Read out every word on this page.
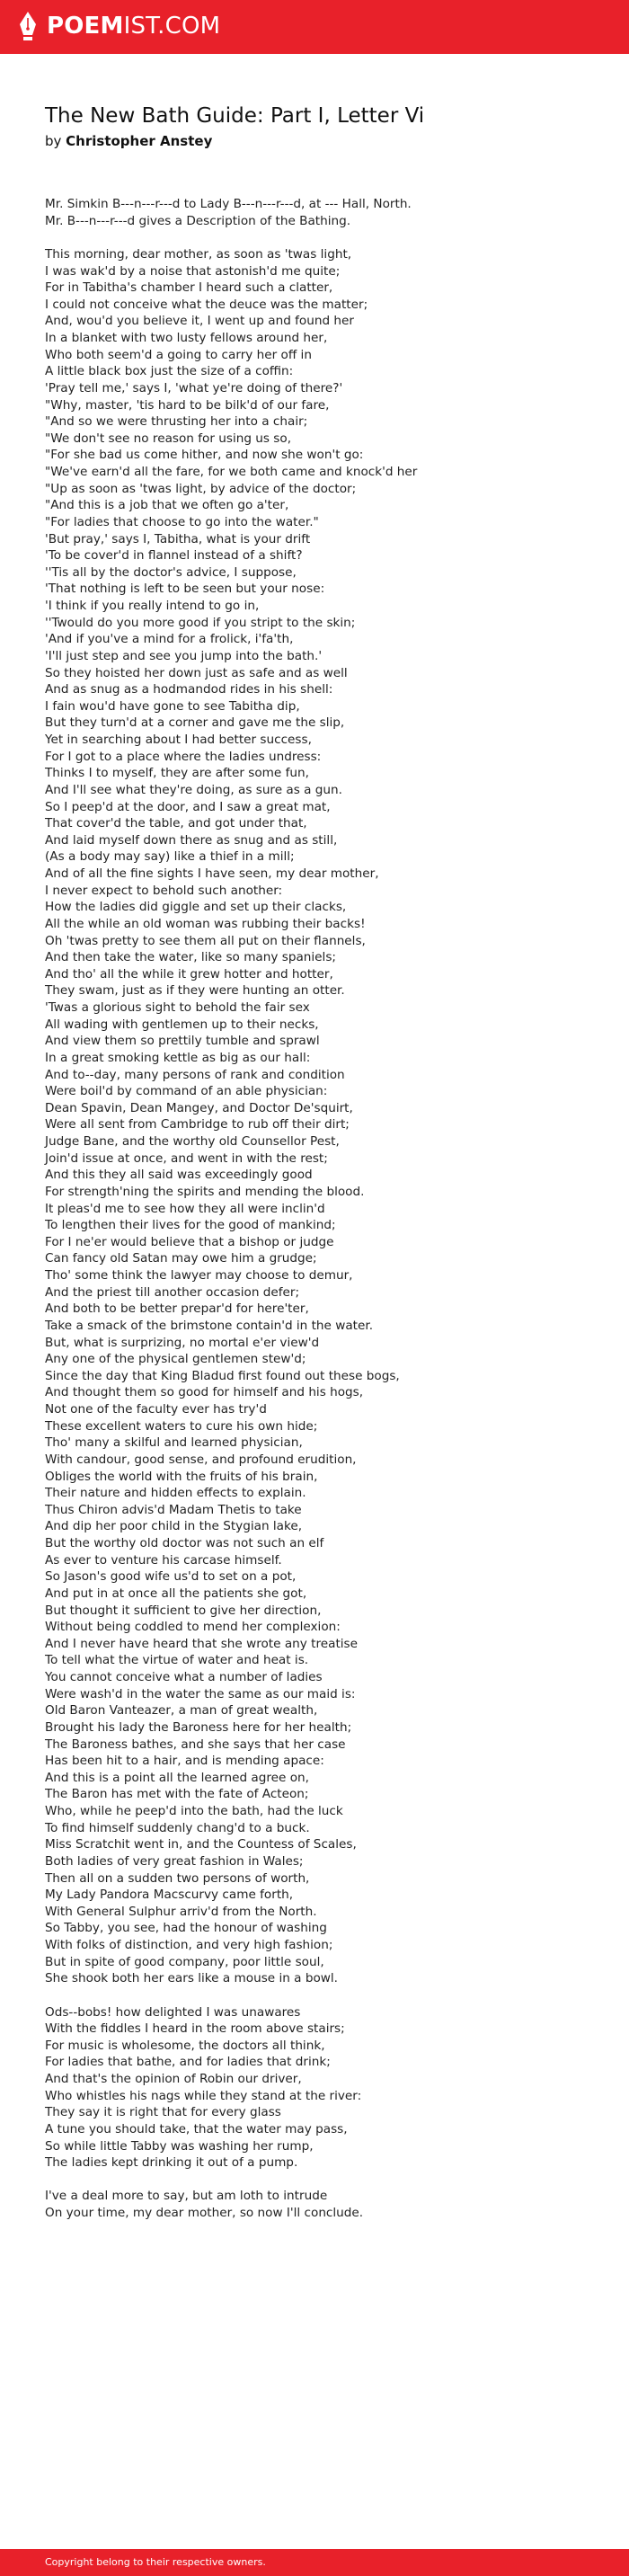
POEMIST.COM
The New Bath Guide: Part I, Letter Vi
by Christopher Anstey
Mr. Simkin B---n---r---d to Lady B---n---r---d, at --- Hall, North.
Mr. B---n---r---d gives a Description of the Bathing.
This morning, dear mother, as soon as 'twas light,
I was wak'd by a noise that astonish'd me quite;
For in Tabitha's chamber I heard such a clatter,
I could not conceive what the deuce was the matter;
And, wou'd you believe it, I went up and found her
In a blanket with two lusty fellows around her,
Who both seem'd a going to carry her off in
A little black box just the size of a coffin:
'Pray tell me,' says I, 'what ye're doing of there?'
"Why, master, 'tis hard to be bilk'd of our fare,
"And so we were thrusting her into a chair;
"We don't see no reason for using us so,
"For she bad us come hither, and now she won't go:
"We've earn'd all the fare, for we both came and knock'd her
"Up as soon as 'twas light, by advice of the doctor;
"And this is a job that we often go a'ter,
"For ladies that choose to go into the water."
'But pray,' says I, Tabitha, what is your drift
'To be cover'd in flannel instead of a shift?
''Tis all by the doctor's advice, I suppose,
'That nothing is left to be seen but your nose:
'I think if you really intend to go in,
''Twould do you more good if you stript to the skin;
'And if you've a mind for a frolick, i'fa'th,
'I'll just step and see you jump into the bath.'
So they hoisted her down just as safe and as well
And as snug as a hodmandod rides in his shell:
I fain wou'd have gone to see Tabitha dip,
But they turn'd at a corner and gave me the slip,
Yet in searching about I had better success,
For I got to a place where the ladies undress:
Thinks I to myself, they are after some fun,
And I'll see what they're doing, as sure as a gun.
So I peep'd at the door, and I saw a great mat,
That cover'd the table, and got under that,
And laid myself down there as snug and as still,
(As a body may say) like a thief in a mill;
And of all the fine sights I have seen, my dear mother,
I never expect to behold such another:
How the ladies did giggle and set up their clacks,
All the while an old woman was rubbing their backs!
Oh 'twas pretty to see them all put on their flannels,
And then take the water, like so many spaniels;
And tho' all the while it grew hotter and hotter,
They swam, just as if they were hunting an otter.
'Twas a glorious sight to behold the fair sex
All wading with gentlemen up to their necks,
And view them so prettily tumble and sprawl
In a great smoking kettle as big as our hall:
And to--day, many persons of rank and condition
Were boil'd by command of an able physician:
Dean Spavin, Dean Mangey, and Doctor De'squirt,
Were all sent from Cambridge to rub off their dirt;
Judge Bane, and the worthy old Counsellor Pest,
Join'd issue at once, and went in with the rest;
And this they all said was exceedingly good
For strength'ning the spirits and mending the blood.
It pleas'd me to see how they all were inclin'd
To lengthen their lives for the good of mankind;
For I ne'er would believe that a bishop or judge
Can fancy old Satan may owe him a grudge;
Tho' some think the lawyer may choose to demur,
And the priest till another occasion defer;
And both to be better prepar'd for here'ter,
Take a smack of the brimstone contain'd in the water.
But, what is surprizing, no mortal e'er view'd
Any one of the physical gentlemen stew'd;
Since the day that King Bladud first found out these bogs,
And thought them so good for himself and his hogs,
Not one of the faculty ever has try'd
These excellent waters to cure his own hide;
Tho' many a skilful and learned physician,
With candour, good sense, and profound erudition,
Obliges the world with the fruits of his brain,
Their nature and hidden effects to explain.
Thus Chiron advis'd Madam Thetis to take
And dip her poor child in the Stygian lake,
But the worthy old doctor was not such an elf
As ever to venture his carcase himself.
So Jason's good wife us'd to set on a pot,
And put in at once all the patients she got,
But thought it sufficient to give her direction,
Without being coddled to mend her complexion:
And I never have heard that she wrote any treatise
To tell what the virtue of water and heat is.
You cannot conceive what a number of ladies
Were wash'd in the water the same as our maid is:
Old Baron Vanteazer, a man of great wealth,
Brought his lady the Baroness here for her health;
The Baroness bathes, and she says that her case
Has been hit to a hair, and is mending apace:
And this is a point all the learned agree on,
The Baron has met with the fate of Acteon;
Who, while he peep'd into the bath, had the luck
To find himself suddenly chang'd to a buck.
Miss Scratchit went in, and the Countess of Scales,
Both ladies of very great fashion in Wales;
Then all on a sudden two persons of worth,
My Lady Pandora Macscurvy came forth,
With General Sulphur arriv'd from the North.
So Tabby, you see, had the honour of washing
With folks of distinction, and very high fashion;
But in spite of good company, poor little soul,
She shook both her ears like a mouse in a bowl.
Ods--bobs! how delighted I was unawares
With the fiddles I heard in the room above stairs;
For music is wholesome, the doctors all think,
For ladies that bathe, and for ladies that drink;
And that's the opinion of Robin our driver,
Who whistles his nags while they stand at the river:
They say it is right that for every glass
A tune you should take, that the water may pass,
So while little Tabby was washing her rump,
The ladies kept drinking it out of a pump.
I've a deal more to say, but am loth to intrude
On your time, my dear mother, so now I'll conclude.
Copyright belong to their respective owners.
